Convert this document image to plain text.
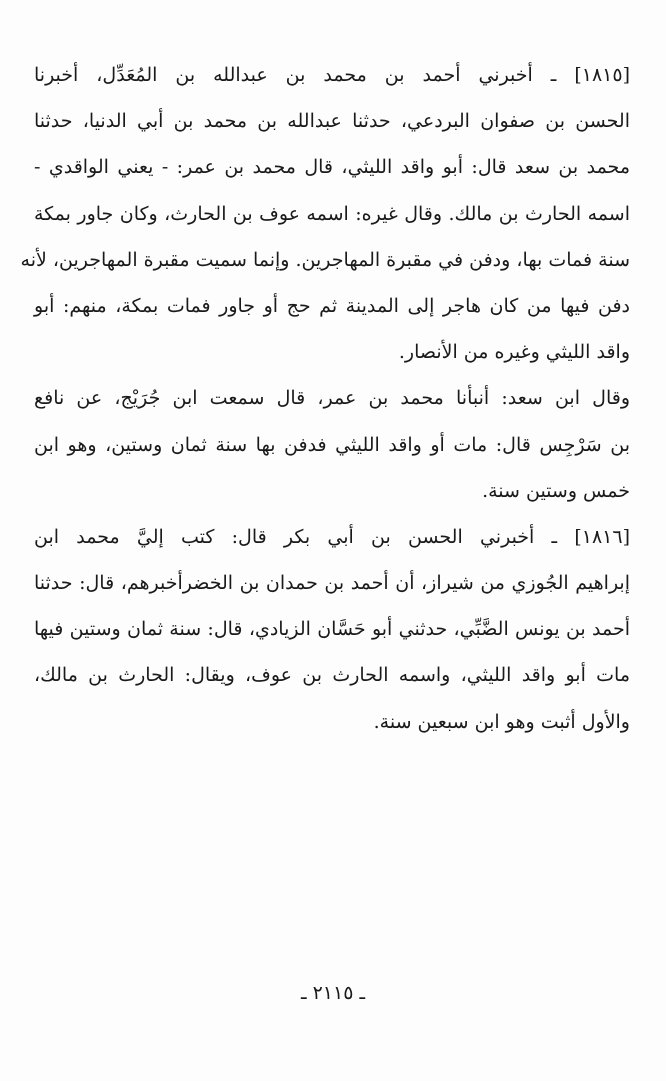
[١٨١٥] ـ أخبرني أحمد بن محمد بن عبدالله بن المُعَدِّل، أخبرنا
الحسن بن صفوان البردعي، حدثنا عبدالله بن محمد بن أبي الدنيا، حدثنا
محمد بن سعد قال: أبو واقد الليثي، قال محمد بن عمر: - يعني الواقدي -
اسمه الحارث بن مالك. وقال غيره: اسمه عوف بن الحارث، وكان جاور بمكة
سنة فمات بها، ودفن في مقبرة المهاجرين. وإنما سميت مقبرة المهاجرين، لأنه
دفن فيها من كان هاجر إلى المدينة ثم حج أو جاور فمات بمكة، منهم: أبو
واقد الليثي وغيره من الأنصار.
وقال ابن سعد: أنبأنا محمد بن عمر، قال سمعت ابن جُرَيْج، عن نافع
بن سَرْجِس قال: مات أو واقد الليثي فدفن بها سنة ثمان وستين، وهو ابن
خمس وستين سنة.
[١٨١٦] ـ أخبرني الحسن بن أبي بكر قال: كتب إليَّ محمد ابن
إبراهيم الجُوزي من شيراز، أن أحمد بن حمدان بن الخضرأخبرهم، قال: حدثنا
أحمد بن يونس الضَّبِّي، حدثني أبو حَسَّان الزيادي، قال: سنة ثمان وستين فيها
مات أبو واقد الليثي، واسمه الحارث بن عوف، ويقال: الحارث بن مالك،
والأول أثبت وهو ابن سبعين سنة.
ـ ٢١١٥ ـ
